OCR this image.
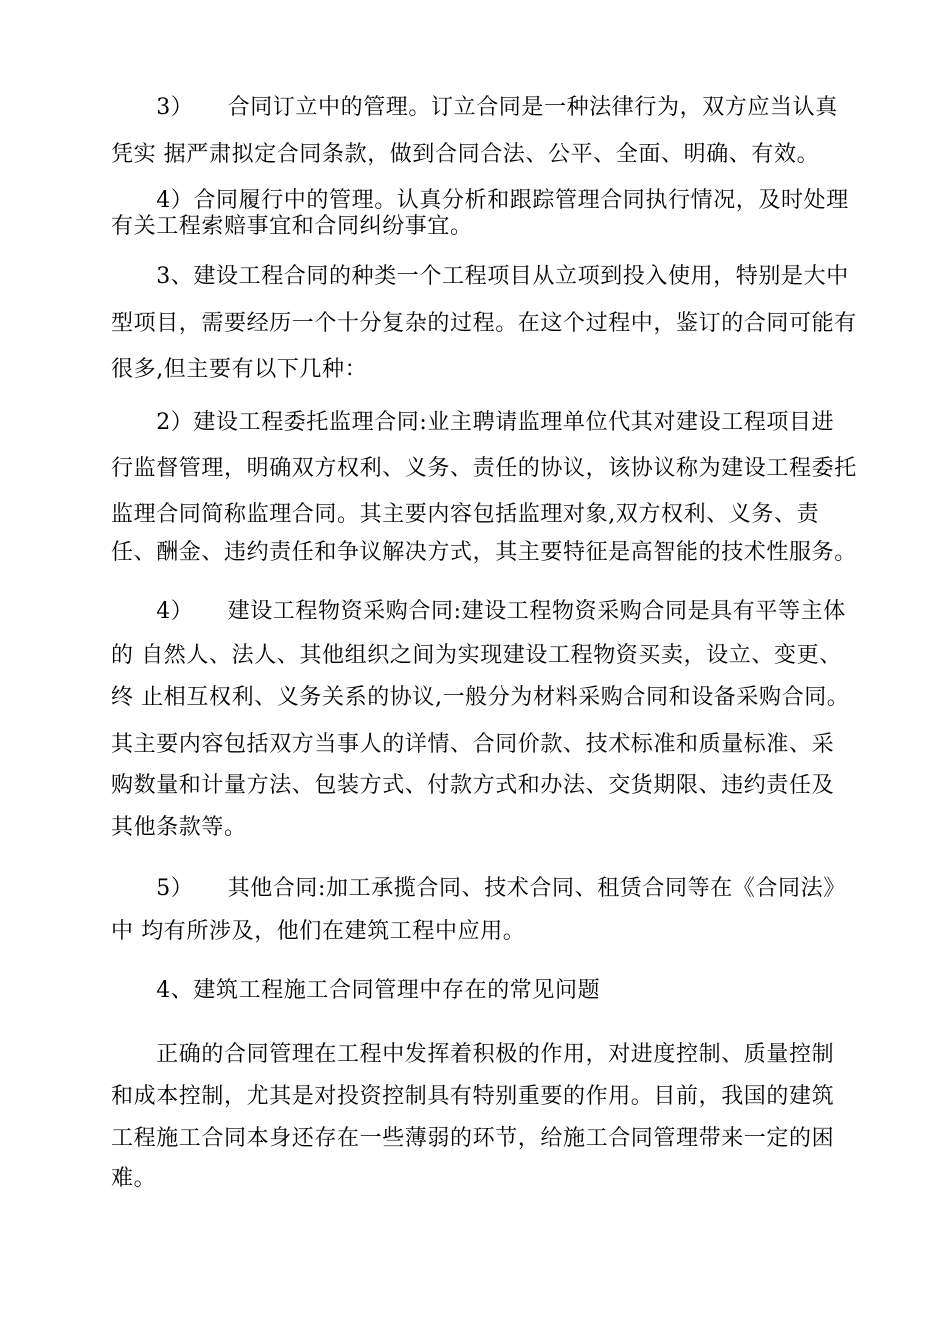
　　3）　　合同订立中的管理。订立合同是一种法律行为，双方应当认真
凭实 据严肃拟定合同条款，做到合同合法、公平、全面、明确、有效。
　　4）合同履行中的管理。认真分析和跟踪管理合同执行情况，及时处理
有关工程索赔事宜和合同纠纷事宜。
　　3、建设工程合同的种类一个工程项目从立项到投入使用，特别是大中
型项目，需要经历一个十分复杂的过程。在这个过程中，鉴订的合同可能有
很多,但主要有以下几种：
　　2）建设工程委托监理合同:业主聘请监理单位代其对建设工程项目进
行监督管理，明确双方权利、义务、责任的协议，该协议称为建设工程委托
监理合同简称监理合同。其主要内容包括监理对象,双方权利、义务、责
任、酬金、违约责任和争议解决方式，其主要特征是高智能的技术性服务。
　　4）　　建设工程物资采购合同:建设工程物资采购合同是具有平等主体
的 自然人、法人、其他组织之间为实现建设工程物资买卖，设立、变更、
终 止相互权利、义务关系的协议,一般分为材料采购合同和设备采购合同。
其主要内容包括双方当事人的详情、合同价款、技术标准和质量标准、采
购数量和计量方法、包装方式、付款方式和办法、交货期限、违约责任及
其他条款等。
　　5）　　其他合同:加工承揽合同、技术合同、租赁合同等在《合同法》
中 均有所涉及，他们在建筑工程中应用。
　　4、建筑工程施工合同管理中存在的常见问题
　　正确的合同管理在工程中发挥着积极的作用，对进度控制、质量控制
和成本控制，尤其是对投资控制具有特别重要的作用。目前，我国的建筑
工程施工合同本身还存在一些薄弱的环节，给施工合同管理带来一定的困
难。
